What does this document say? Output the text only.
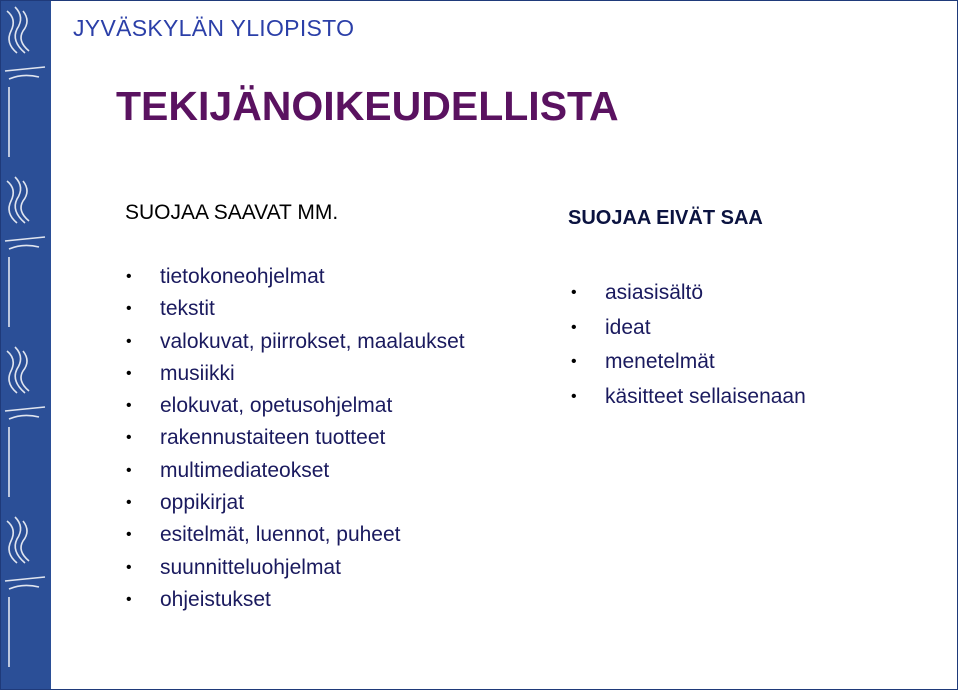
JYVÄSKYLÄN YLIOPISTO
TEKIJÄNOIKEUDELLISTA
SUOJAA SAAVAT MM.
• tietokoneohjelmat
• tekstit
• valokuvat, piirrokset, maalaukset
• musiikki
• elokuvat, opetusohjelmat
• rakennustaiteen tuotteet
• multimediateokset
• oppikirjat
• esitelmät, luennot, puheet
• suunnitteluohjelmat
• ohjeistukset
SUOJAA EIVÄT SAA
• asiasisältö
• ideat
• menetelmät
• käsitteet sellaisenaan
